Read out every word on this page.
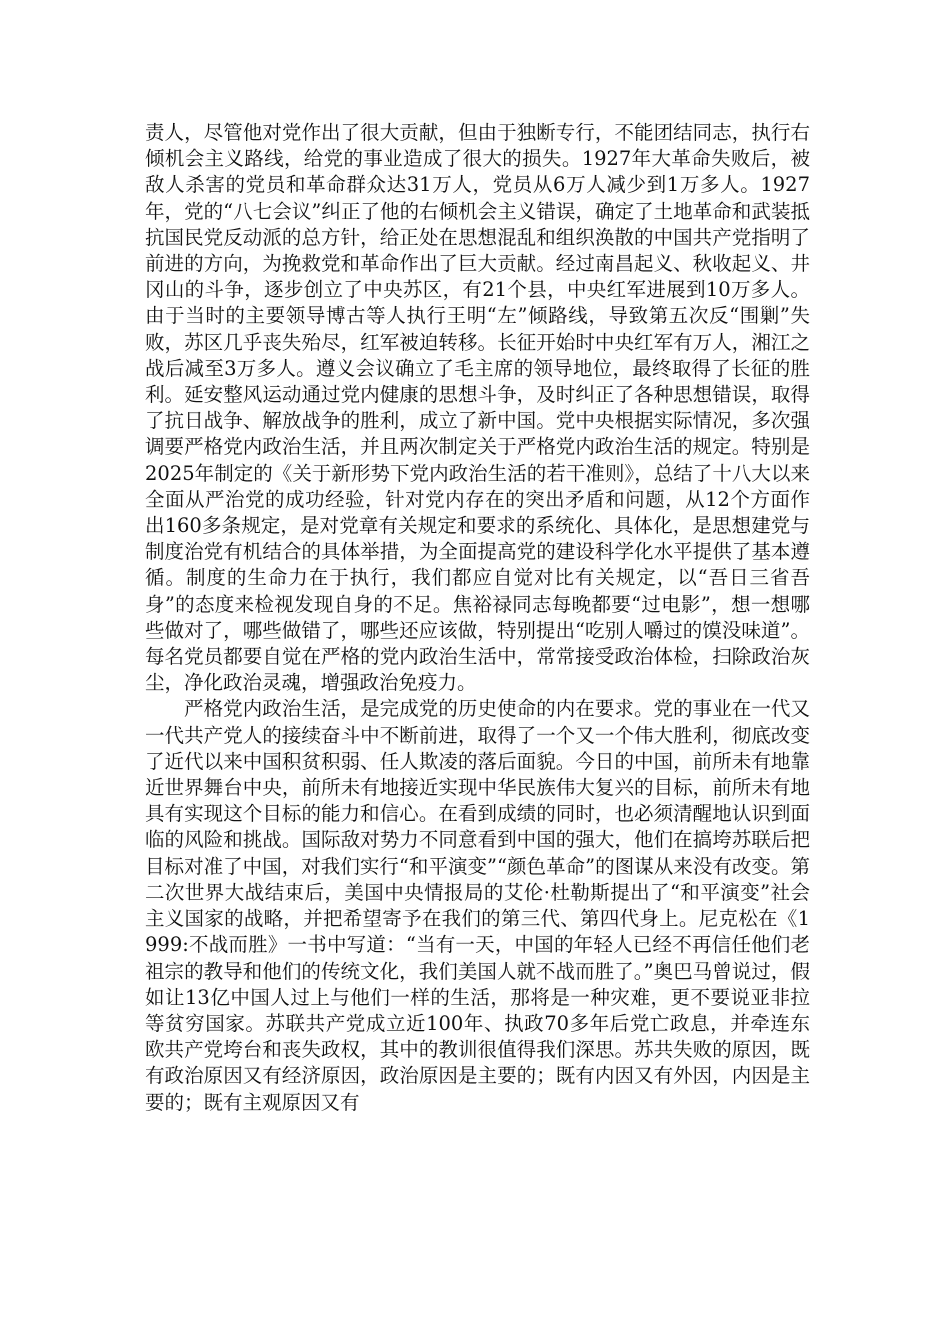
责人，尽管他对党作出了很大贡献，但由于独断专行，不能团结同志，执行右倾机会主义路线，给党的事业造成了很大的损失。1927年大革命失败后，被敌人杀害的党员和革命群众达31万人，党员从6万人减少到1万多人。1927年，党的“八七会议”纠正了他的右倾机会主义错误，确定了土地革命和武装抵抗国民党反动派的总方针，给正处在思想混乱和组织涣散的中国共产党指明了前进的方向，为挽救党和革命作出了巨大贡献。经过南昌起义、秋收起义、井冈山的斗争，逐步创立了中央苏区，有21个县，中央红军进展到10万多人。由于当时的主要领导博古等人执行王明“左”倾路线，导致第五次反“围剿”失败，苏区几乎丧失殆尽，红军被迫转移。长征开始时中央红军有万人，湘江之战后减至3万多人。遵义会议确立了毛主席的领导地位，最终取得了长征的胜利。延安整风运动通过党内健康的思想斗争，及时纠正了各种思想错误，取得了抗日战争、解放战争的胜利，成立了新中国。党中央根据实际情况，多次强调要严格党内政治生活，并且两次制定关于严格党内政治生活的规定。特别是2025年制定的《关于新形势下党内政治生活的若干准则》，总结了十八大以来全面从严治党的成功经验，针对党内存在的突出矛盾和问题，从12个方面作出160多条规定，是对党章有关规定和要求的系统化、具体化，是思想建党与制度治党有机结合的具体举措，为全面提高党的建设科学化水平提供了基本遵循。制度的生命力在于执行，我们都应自觉对比有关规定，以“吾日三省吾身”的态度来检视发现自身的不足。焦裕禄同志每晚都要“过电影”，想一想哪些做对了，哪些做错了，哪些还应该做，特别提出“吃别人嚼过的馍没味道”。每名党员都要自觉在严格的党内政治生活中，常常接受政治体检，扫除政治灰尘，净化政治灵魂，增强政治免疫力。

严格党内政治生活，是完成党的历史使命的内在要求。党的事业在一代又一代共产党人的接续奋斗中不断前进，取得了一个又一个伟大胜利，彻底改变了近代以来中国积贫积弱、任人欺凌的落后面貌。今日的中国，前所未有地靠近世界舞台中央，前所未有地接近实现中华民族伟大复兴的目标，前所未有地具有实现这个目标的能力和信心。在看到成绩的同时，也必须清醒地认识到面临的风险和挑战。国际敌对势力不同意看到中国的强大，他们在搞垮苏联后把目标对准了中国，对我们实行“和平演变”“颜色革命”的图谋从来没有改变。第二次世界大战结束后，美国中央情报局的艾伦·杜勒斯提出了“和平演变”社会主义国家的战略，并把希望寄予在我们的第三代、第四代身上。尼克松在《1999:不战而胜》一书中写道：“当有一天，中国的年轻人已经不再信任他们老祖宗的教导和他们的传统文化，我们美国人就不战而胜了。”奥巴马曾说过，假如让13亿中国人过上与他们一样的生活，那将是一种灾难，更不要说亚非拉等贫穷国家。苏联共产党成立近100年、执政70多年后党亡政息，并牵连东欧共产党垮台和丧失政权，其中的教训很值得我们深思。苏共失败的原因，既有政治原因又有经济原因，政治原因是主要的；既有内因又有外因，内因是主要的；既有主观原因又有
